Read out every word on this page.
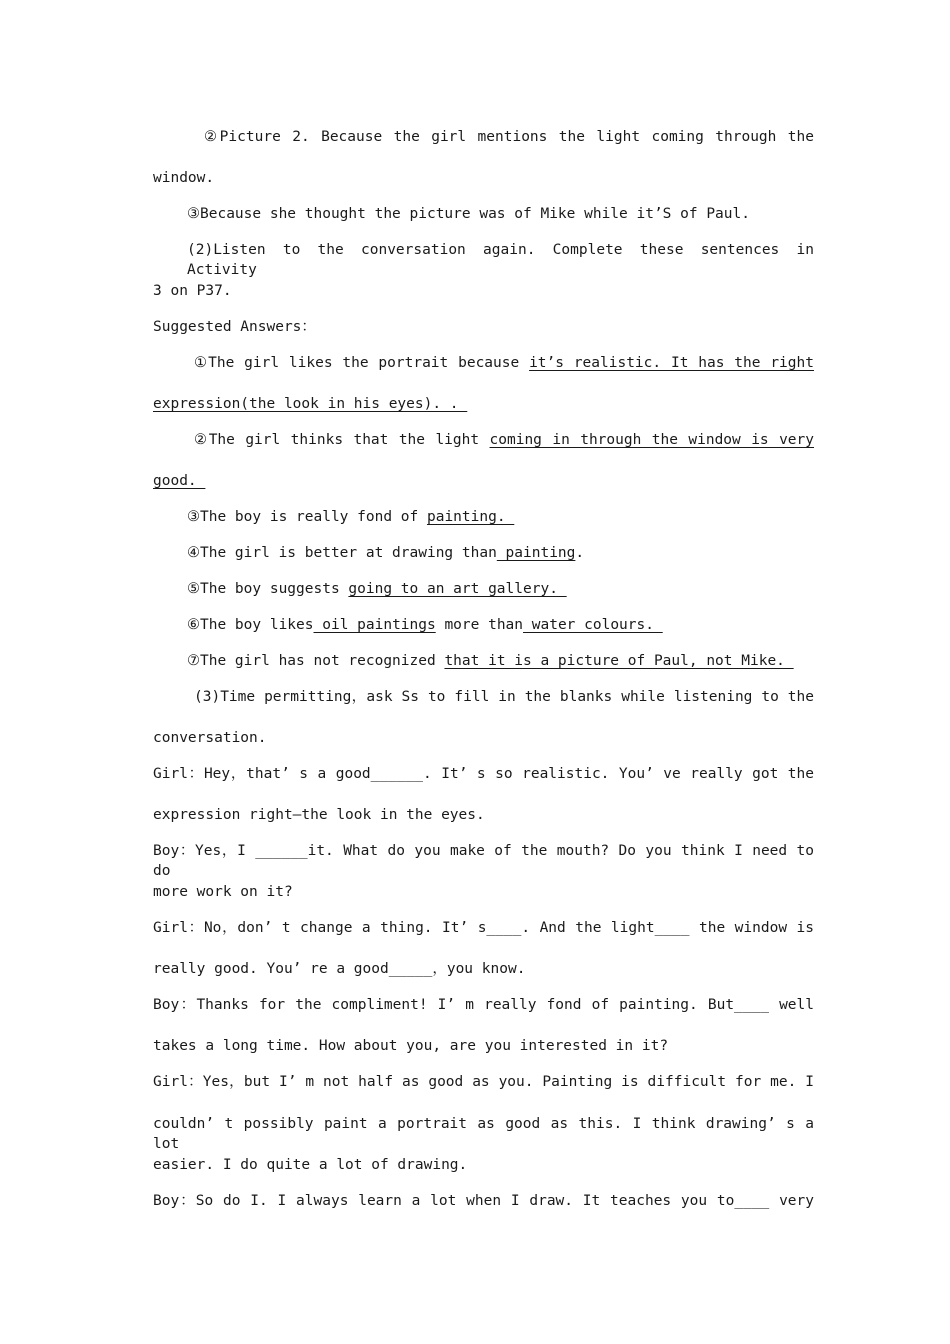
②Picture 2. Because the girl mentions the light coming through the
window.
③Because she thought the picture was of Mike while it’S of Paul.
(2)Listen to the conversation again. Complete these sentences in Activity
3 on P37.
Suggested Answers：
①The girl likes the portrait because it’s realistic. It has the right
expression(the look in his eyes). .
②The girl thinks that the light coming in through the window is very
good.
③The boy is really fond of painting.
④The girl is better at drawing than painting.
⑤The boy suggests going to an art gallery.
⑥The boy likes oil paintings more than water colours.
⑦The girl has not recognized that it is a picture of Paul, not Mike.
(3)Time permitting，ask Ss to fill in the blanks while listening to the
conversation.
Girl：Hey，that’ s a good______. It’ s so realistic. You’ ve really got the
expression right—the look in the eyes.
Boy：Yes，I ______it. What do you make of the mouth? Do you think I need to do
more work on it?
Girl：No，don’ t change a thing. It’ s____. And the light____ the window is
really good. You’ re a good_____，you know.
Boy：Thanks for the compliment! I’ m really fond of painting. But____ well
takes a long time. How about you, are you interested in it?
Girl：Yes，but I’ m not half as good as you. Painting is difficult for me. I
couldn’ t possibly paint a portrait as good as this. I think drawing’ s a lot
easier. I do quite a lot of drawing.
Boy：So do I. I always learn a lot when I draw. It teaches you to____ very
